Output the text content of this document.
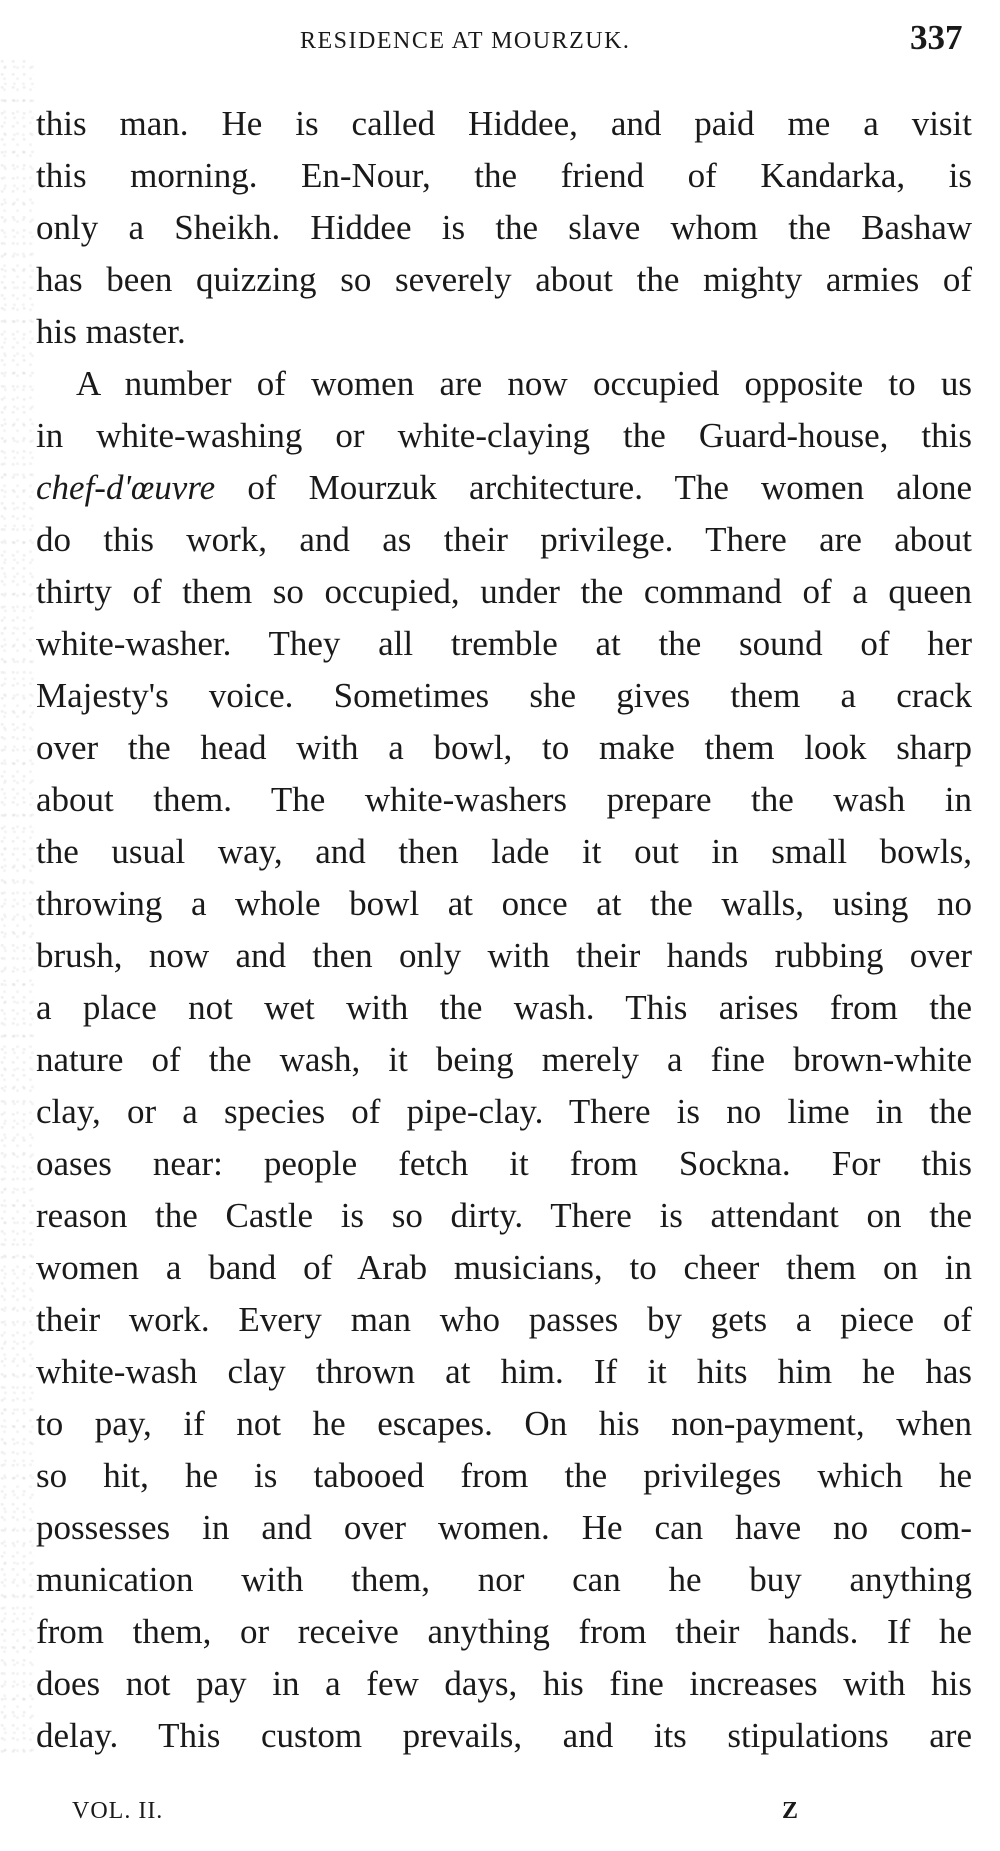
RESIDENCE AT MOURZUK.	337
this man. He is called Hiddee, and paid me a visit
this morning. En-Nour, the friend of Kandarka, is
only a Sheikh. Hiddee is the slave whom the Bashaw
has been quizzing so severely about the mighty armies of
his master.
A number of women are now occupied opposite to us
in white-washing or white-claying the Guard-house, this
chef-d'œuvre of Mourzuk architecture. The women alone
do this work, and as their privilege. There are about
thirty of them so occupied, under the command of a queen
white-washer. They all tremble at the sound of her
Majesty's voice. Sometimes she gives them a crack
over the head with a bowl, to make them look sharp
about them. The white-washers prepare the wash in
the usual way, and then lade it out in small bowls,
throwing a whole bowl at once at the walls, using no
brush, now and then only with their hands rubbing over
a place not wet with the wash. This arises from the
nature of the wash, it being merely a fine brown-white
clay, or a species of pipe-clay. There is no lime in the
oases near: people fetch it from Sockna. For this
reason the Castle is so dirty. There is attendant on the
women a band of Arab musicians, to cheer them on in
their work. Every man who passes by gets a piece of
white-wash clay thrown at him. If it hits him he has
to pay, if not he escapes. On his non-payment, when
so hit, he is tabooed from the privileges which he
possesses in and over women. He can have no com-
munication with them, nor can he buy anything
from them, or receive anything from their hands. If he
does not pay in a few days, his fine increases with his
delay. This custom prevails, and its stipulations are
VOL. II.	Z
